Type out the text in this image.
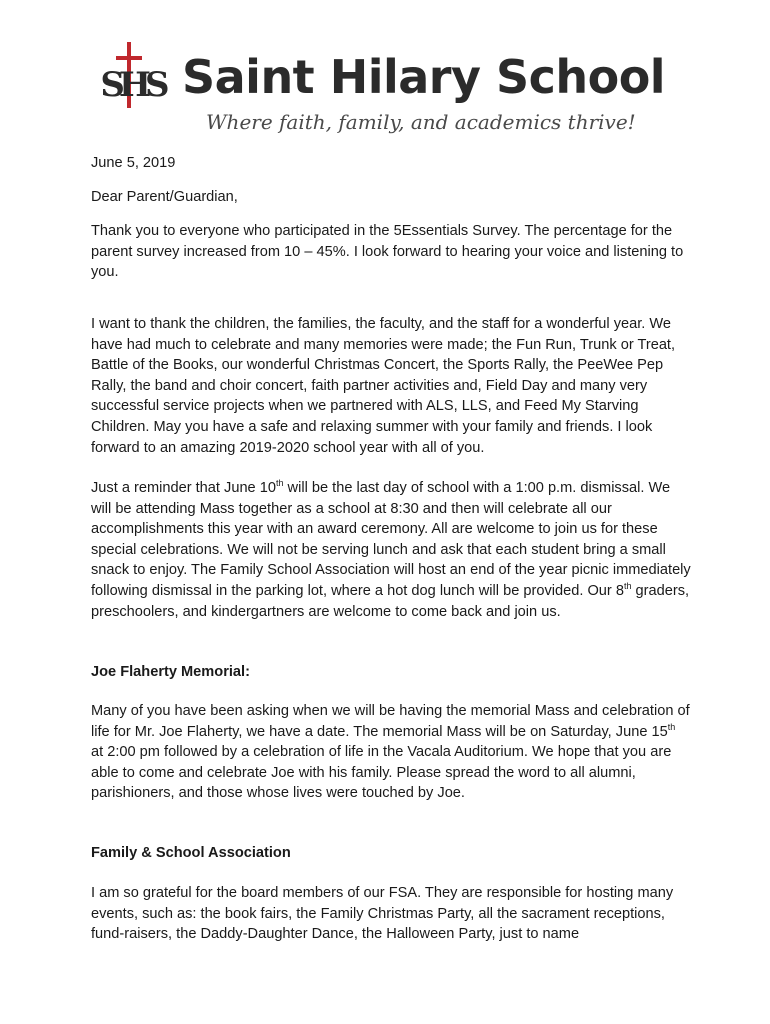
SHS Saint Hilary School
Where faith, family, and academics thrive!

June 5, 2019

Dear Parent/Guardian,

Thank you to everyone who participated in the 5Essentials Survey. The percentage for the parent survey increased from 10 – 45%. I look forward to hearing your voice and listening to you.

I want to thank the children, the families, the faculty, and the staff for a wonderful year. We have had much to celebrate and many memories were made; the Fun Run, Trunk or Treat, Battle of the Books, our wonderful Christmas Concert, the Sports Rally, the PeeWee Pep Rally, the band and choir concert, faith partner activities and, Field Day and many very successful service projects when we partnered with ALS, LLS, and Feed My Starving Children. May you have a safe and relaxing summer with your family and friends. I look forward to an amazing 2019-2020 school year with all of you.

Just a reminder that June 10th will be the last day of school with a 1:00 p.m. dismissal. We will be attending Mass together as a school at 8:30 and then will celebrate all our accomplishments this year with an award ceremony. All are welcome to join us for these special celebrations. We will not be serving lunch and ask that each student bring a small snack to enjoy. The Family School Association will host an end of the year picnic immediately following dismissal in the parking lot, where a hot dog lunch will be provided. Our 8th graders, preschoolers, and kindergartners are welcome to come back and join us.

Joe Flaherty Memorial:

Many of you have been asking when we will be having the memorial Mass and celebration of life for Mr. Joe Flaherty, we have a date. The memorial Mass will be on Saturday, June 15th at 2:00 pm followed by a celebration of life in the Vacala Auditorium. We hope that you are able to come and celebrate Joe with his family. Please spread the word to all alumni, parishioners, and those whose lives were touched by Joe.

Family & School Association

I am so grateful for the board members of our FSA. They are responsible for hosting many events, such as: the book fairs, the Family Christmas Party, all the sacrament receptions, fund-raisers, the Daddy-Daughter Dance, the Halloween Party, just to name
